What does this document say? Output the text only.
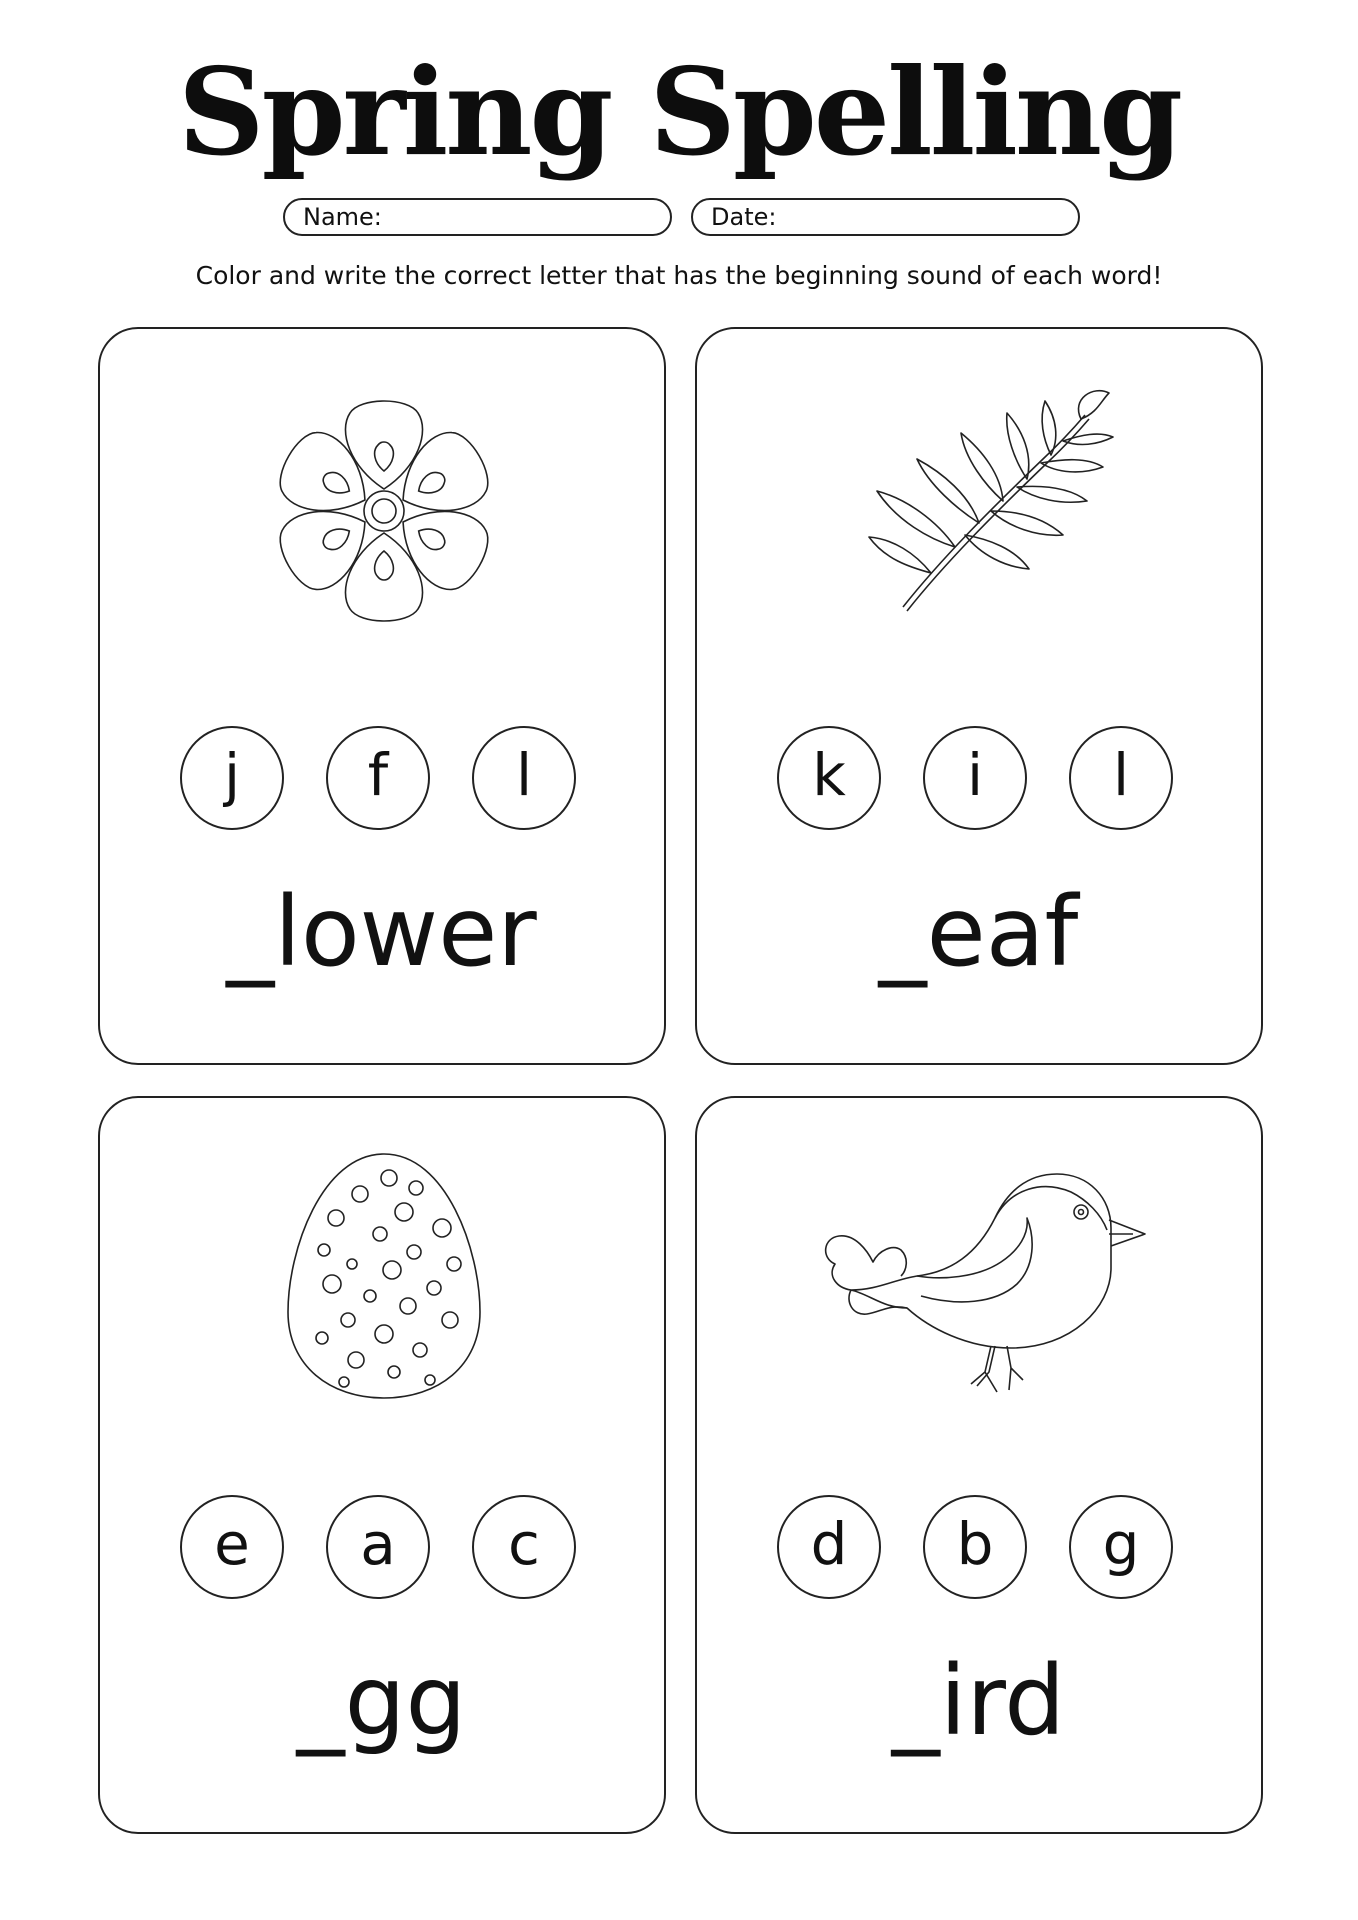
Spring Spelling
Name:	Date:
Color and write the correct letter that has the beginning sound of each word!
j	f	l
_lower
k	i	l
_eaf
e	a	c
_gg
d	b	g
_ird
